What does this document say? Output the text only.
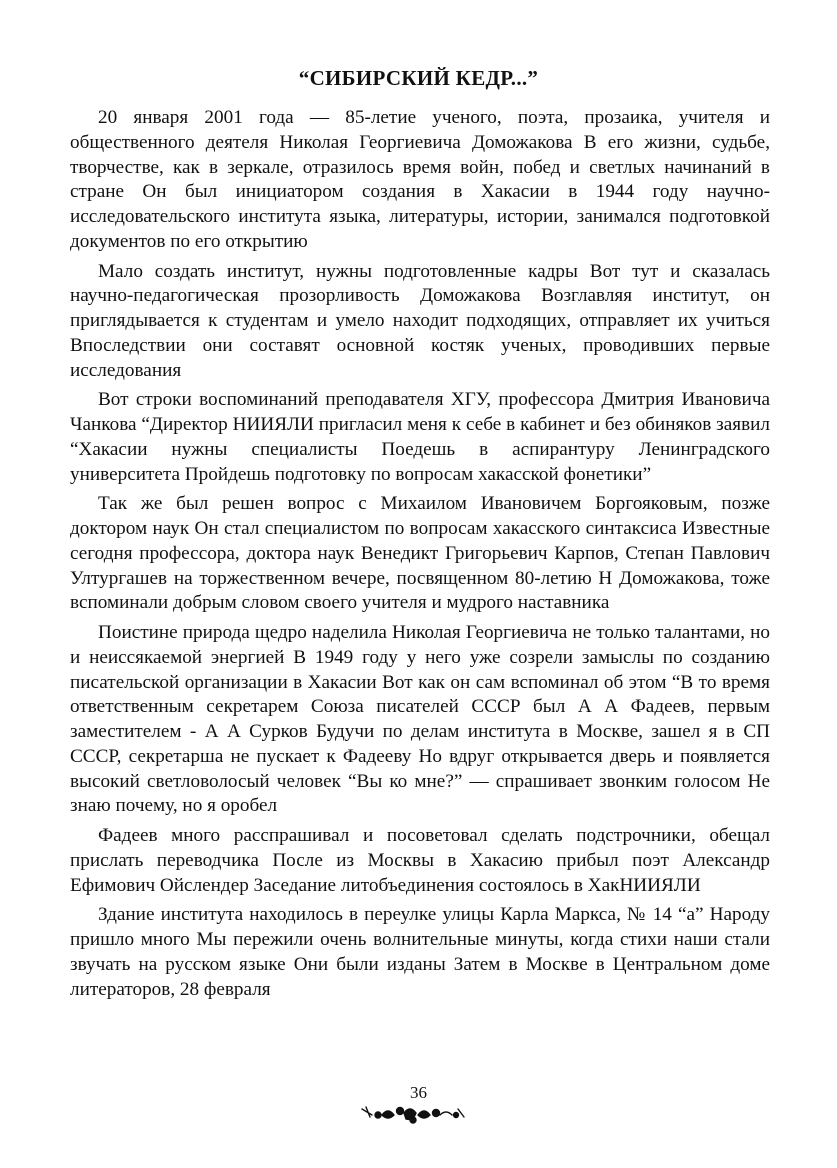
“СИБИРСКИЙ КЕДР...”

20 января 2001 года — 85-летие ученого, поэта, прозаика, учителя и общественного деятеля Николая Георгиевича Доможакова В его жизни, судьбе, творчестве, как в зеркале, отразилось время войн, побед и светлых начинаний в стране Он был инициатором создания в Хакасии в 1944 году научно-исследовательского института языка, литературы, истории, занимался подготовкой документов по его открытию

Мало создать институт, нужны подготовленные кадры Вот тут и сказалась научно-педагогическая прозорливость Доможакова Возглавляя институт, он приглядывается к студентам и умело находит подходящих, отправляет их учиться Впоследствии они составят основной костяк ученых, проводивших первые исследования

Вот строки воспоминаний преподавателя ХГУ, профессора Дмитрия Ивановича Чанкова “Директор НИИЯЛИ пригласил меня к себе в кабинет и без обиняков заявил “Хакасии нужны специалисты Поедешь в аспирантуру Ленинградского университета Пройдешь подготовку по вопросам хакасской фонетики”

Так же был решен вопрос с Михаилом Ивановичем Боргояковым, позже доктором наук Он стал специалистом по вопросам хакасского синтаксиса Известные сегодня профессора, доктора наук Венедикт Григорьевич Карпов, Степан Павлович Ултургашев на торжественном вечере, посвященном 80-летию Н Доможакова, тоже вспоминали добрым словом своего учителя и мудрого наставника

Поистине природа щедро наделила Николая Георгиевича не только талантами, но и неиссякаемой энергией В 1949 году у него уже созрели замыслы по созданию писательской организации в Хакасии Вот как он сам вспоминал об этом “В то время ответственным секретарем Союза писателей СССР был А А Фадеев, первым заместителем - А А Сурков Будучи по делам института в Москве, зашел я в СП СССР, секретарша не пускает к Фадееву Но вдруг открывается дверь и появляется высокий светловолосый человек “Вы ко мне?” — спрашивает звонким голосом Не знаю почему, но я оробел

Фадеев много расспрашивал и посоветовал сделать подстрочники, обещал прислать переводчика После из Москвы в Хакасию прибыл поэт Александр Ефимович Ойслендер Заседание литобъединения состоялось в ХакНИИЯЛИ

Здание института находилось в переулке улицы Карла Маркса, № 14 “а” Народу пришло много Мы пережили очень волнительные минуты, когда стихи наши стали звучать на русском языке Они были изданы Затем в Москве в Центральном доме литераторов, 28 февраля

36
